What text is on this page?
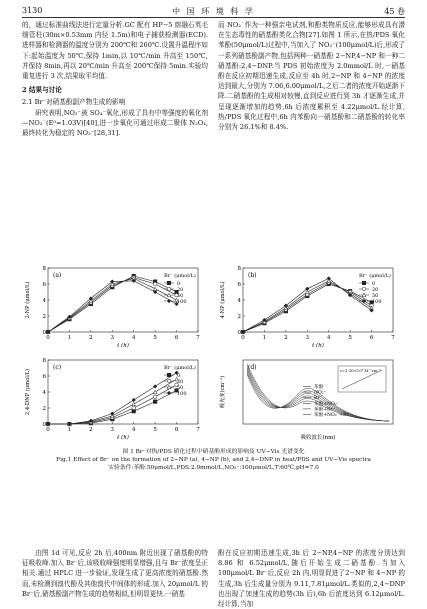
3130	中 国 环 境 科 学	45 卷

的，通过标准曲线法进行定量分析.GC 配有 HP−5 熔融石英毛细管柱(30m×0.53mm 内径 1.5m)和电子捕获检测器(ECD).进样器和检测器的温度分别为 200℃和 260℃.设置升温程序如下:起始温度为 50℃,保持 1min,以 10℃/min 升高至 150℃,并保持 8min,再以 20℃/min 升高至 200℃保持 5min.实验均重复进行 3 次,结果取平均值.

2 结果与讨论

2.1 Br⁻对硝基酚副产物生成的影响

研究表明,NO₂⁻被 SO₄⁻氧化,形成了具有中等强度的氧化剂—NO₂˙(E⁰=1.03V)[40],进一步氧化可通过形成二聚体 N₂O₄,最终转化为稳定的 NO₃⁻[28,31].

而 NO₂˙作为一种强亲电试剂,和酚类物质反应,能够形成具有潜在生态毒性的硝基酚类化合物[27].如图 1 所示,在热/PDS 氧化苯酚(50μmol/L)过程中,当加入了 NO₂⁻(100μmol/L)后,形成了一系列硝基酚副产物,包括两种一硝基酚 2−NP,4−NP 和一种二硝基酚:2,4−DNP.当 PDS 初始浓度为 2.0mmol/L 时,一硝基酚在反应初期迅速生成,反应至 4h 时,2−NP 和 4−NP 的浓度达到最大,分别为 7.06,6.00μmol/L,之后二者的浓度开始逐渐下降.二硝基酚的生成相对较慢,直到反应进行到 3h 才逐渐生成,并呈现逐渐增加的趋势,6h 后浓度累积至 4.22μmol/L.经计算,热/PDS 氧化过程中,6h 内苯酚向一硝基酚和二硝基酚的转化率分别为 26.1%和 8.4%.

0	1	2	3	4	5	6	7
0
2
4
6
8
t (h)
2-NP (μmol/L)
(a)	Br⁻ (μmol/L)
0
20
50
100
0	1	2	3	4	5	6	7
0
2
4
6
8
t (h)
4-NP (μmol/L)
(b)	Br⁻ (μmol/L)
0
20
50
100
0	1	2	3	4	5	6	7
0
2
4
6
8
t (h)
2,4-DNP (μmol/L)
(c)	Br⁻ (μmol/L)
0
20
50
100
(d)
吸收波长(nm)
吸光度(cm⁻¹)	苯酚
NO₂⁻
Br⁻
苯酚+NO₂⁻
苯酚+Br⁻
苯酚+NO₂⁻+Br⁻
ε=1.30×10⁴ M⁻¹cm⁻¹
图 1 Br⁻对热/PDS 硝化过程中硝基酚形成的影响及 UV−Vis 光谱变化
Fig.1 Effect of Br⁻ on the formation of 2−NP (a), 4−NP (b), and 2,4−DNP in heat/PDS and UV−Vis spectra
实验条件:苯酚:50μmol/L,PDS:2.0mmol/L,NO₂⁻:100μmol/L,T:60℃,pH=7.0

由图 1d 可见,反应 2h 后,400nm 附近出现了硝基酚的特征吸收峰.加入 Br⁻后,该吸收峰强度明显增强,且与 Br⁻浓度呈正相关.通过 HPLC 进一步验证,发现生成了更高浓度的硝基酚.然而,未检测到溴代酚及其他溴代中间体的形成.加入 20μmol/L 的 Br⁻后,硝基酚副产物生成的趋势相似,但明显更快.一硝基

酚在反应初期迅速生成,3h 后 2−NP,4−NP 的浓度分别达到 8.86 和 6.52μmol/L,随后开始生成二硝基酚.当加入 100μmol/L Br⁻后,反应 2h 内,明显促进了2−NP 和 4−NP 的生成,3h 后生成量分别为 9.11,7.81μmol/L.类似的,2,4−DNP 也出现了加速生成的趋势(3h 后),6h 后浓度达到 6.12μmol/L.经计算,当加
